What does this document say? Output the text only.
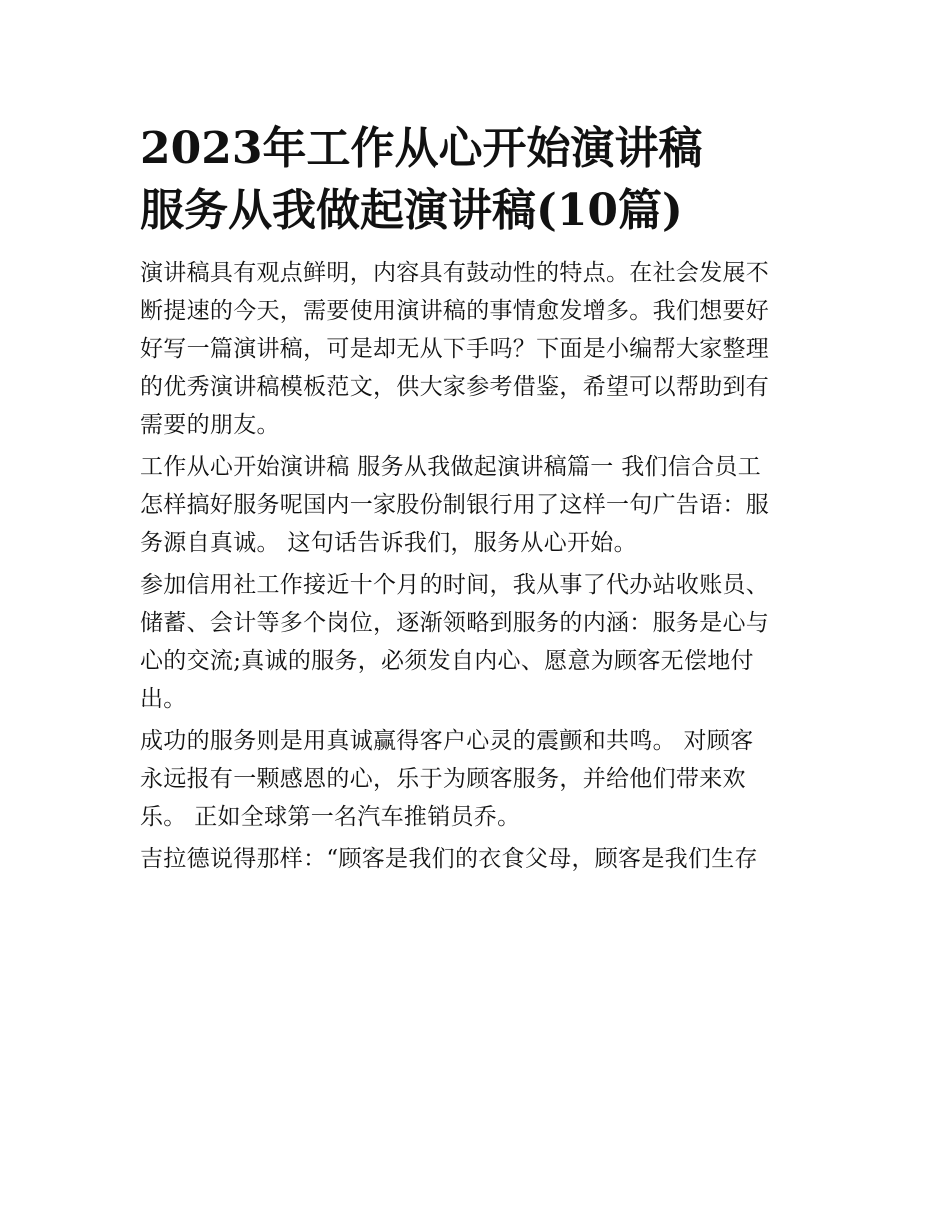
2023年工作从心开始演讲稿
服务从我做起演讲稿(10篇)

演讲稿具有观点鲜明，内容具有鼓动性的特点。在社会发展不
断提速的今天，需要使用演讲稿的事情愈发增多。我们想要好
好写一篇演讲稿，可是却无从下手吗？下面是小编帮大家整理
的优秀演讲稿模板范文，供大家参考借鉴，希望可以帮助到有
需要的朋友。

工作从心开始演讲稿 服务从我做起演讲稿篇一 我们信合员工
怎样搞好服务呢国内一家股份制银行用了这样一句广告语：服
务源自真诚。 这句话告诉我们，服务从心开始。

参加信用社工作接近十个月的时间，我从事了代办站收账员、
储蓄、会计等多个岗位，逐渐领略到服务的内涵：服务是心与
心的交流;真诚的服务，必须发自内心、愿意为顾客无偿地付
出。

成功的服务则是用真诚赢得客户心灵的震颤和共鸣。 对顾客
永远报有一颗感恩的心，乐于为顾客服务，并给他们带来欢
乐。 正如全球第一名汽车推销员乔。

吉拉德说得那样：“顾客是我们的衣食父母，顾客是我们生存
